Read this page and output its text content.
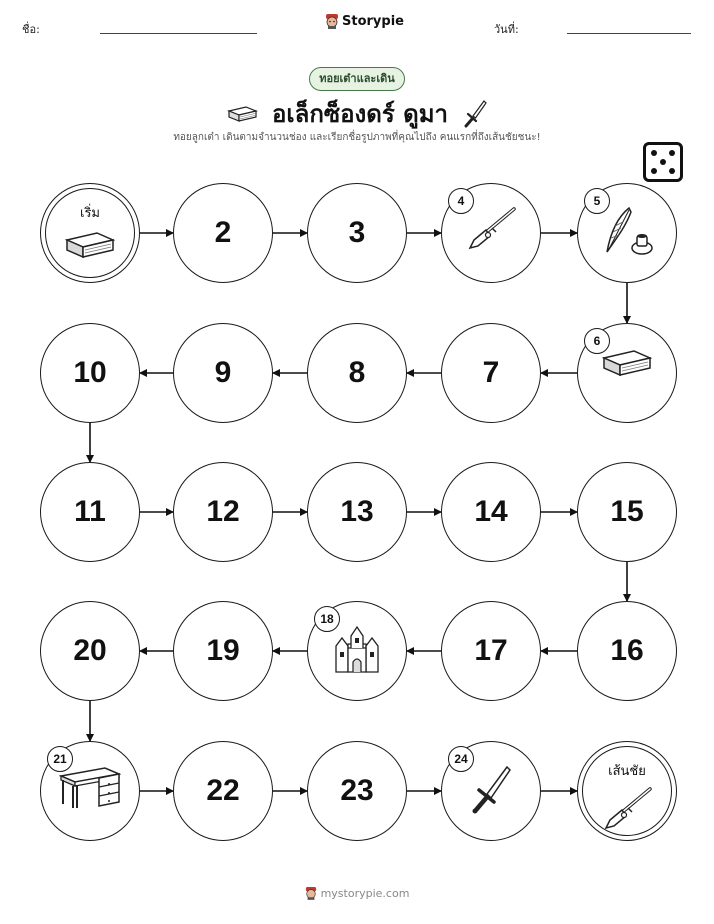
ชื่อ:
Storypie
วันที่:
ทอยเต๋าและเดิน
อเล็กซ็องดร์ ดูมา
ทอยลูกเต๋า เดินตามจำนวนช่อง และเรียกชื่อรูปภาพที่คุณไปถึง คนแรกที่ถึงเส้นชัยชนะ!
เริ่ม
2	3
4	5
6
7
8
9
10
11	12	13	14	15
16
17
18
19
20
21
22	23
24
เส้นชัย
mystorypie.com
